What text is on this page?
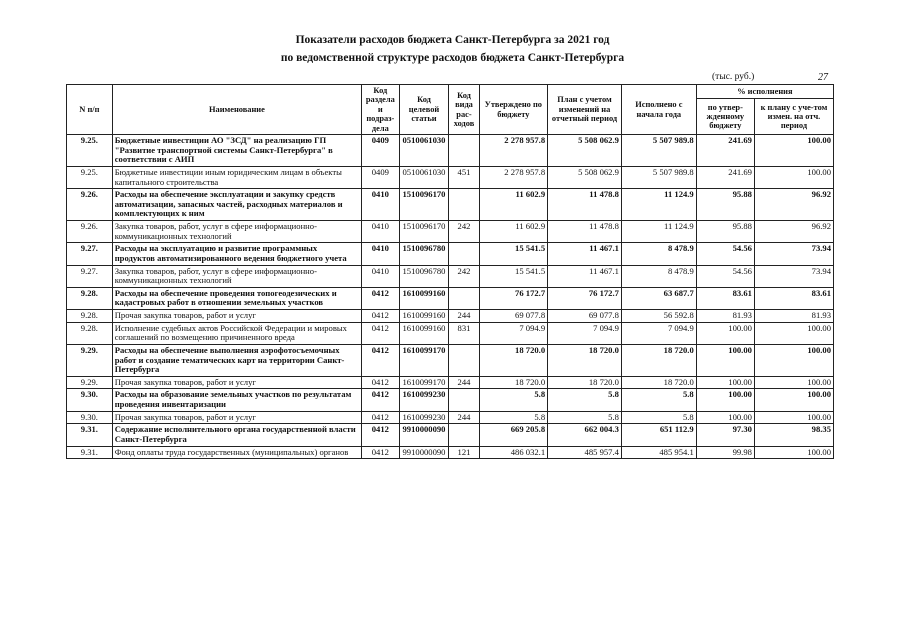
Показатели расходов бюджета Санкт-Петербурга за 2021 год
по ведомственной структуре расходов бюджета Санкт-Петербурга
(тыс. руб.)	27
N п/п	Наименование	Код раздела и подраз-дела	Код целевой статьи	Код вида рас-ходов	Утверждено по бюджету	План с учетом изменений на отчетный период	Исполнено с начала года	% исполнения	
								по утвер-жденному бюджету	к плану с уче-том измен. на отч. период
9.25.	Бюджетные инвестиции АО "ЗСД" на реализацию ГП "Развитие транспортной системы Санкт-Петербурга" в соответствии с АИП	0409	0510061030		2 278 957.8	5 508 062.9	5 507 989.8	241.69	100.00
9.25.	Бюджетные инвестиции иным юридическим лицам в объекты капитального строительства	0409	0510061030	451	2 278 957.8	5 508 062.9	5 507 989.8	241.69	100.00
9.26.	Расходы на обеспечение эксплуатации и закупку средств автоматизации, запасных частей, расходных материалов и комплектующих к ним	0410	1510096170		11 602.9	11 478.8	11 124.9	95.88	96.92
9.26.	Закупка товаров, работ, услуг в сфере информационно-коммуникационных технологий	0410	1510096170	242	11 602.9	11 478.8	11 124.9	95.88	96.92
9.27.	Расходы на эксплуатацию и развитие программных продуктов автоматизированного ведения бюджетного учета	0410	1510096780		15 541.5	11 467.1	8 478.9	54.56	73.94
9.27.	Закупка товаров, работ, услуг в сфере информационно-коммуникационных технологий	0410	1510096780	242	15 541.5	11 467.1	8 478.9	54.56	73.94
9.28.	Расходы на обеспечение проведения топогеодезических и кадастровых работ в отношении земельных участков	0412	1610099160		76 172.7	76 172.7	63 687.7	83.61	83.61
9.28.	Прочая закупка товаров, работ и услуг	0412	1610099160	244	69 077.8	69 077.8	56 592.8	81.93	81.93
9.28.	Исполнение судебных актов Российской Федерации и мировых соглашений по возмещению причиненного вреда	0412	1610099160	831	7 094.9	7 094.9	7 094.9	100.00	100.00
9.29.	Расходы на обеспечение выполнения аэрофотосъемочных работ и создание тематических карт на территории Санкт-Петербурга	0412	1610099170		18 720.0	18 720.0	18 720.0	100.00	100.00
9.29.	Прочая закупка товаров, работ и услуг	0412	1610099170	244	18 720.0	18 720.0	18 720.0	100.00	100.00
9.30.	Расходы на образование земельных участков по результатам проведения инвентаризации	0412	1610099230		5.8	5.8	5.8	100.00	100.00
9.30.	Прочая закупка товаров, работ и услуг	0412	1610099230	244	5.8	5.8	5.8	100.00	100.00
9.31.	Содержание исполнительного органа государственной власти Санкт-Петербурга	0412	9910000090		669 205.8	662 004.3	651 112.9	97.30	98.35
9.31.	Фонд оплаты труда государственных (муниципальных) органов	0412	9910000090	121	486 032.1	485 957.4	485 954.1	99.98	100.00
